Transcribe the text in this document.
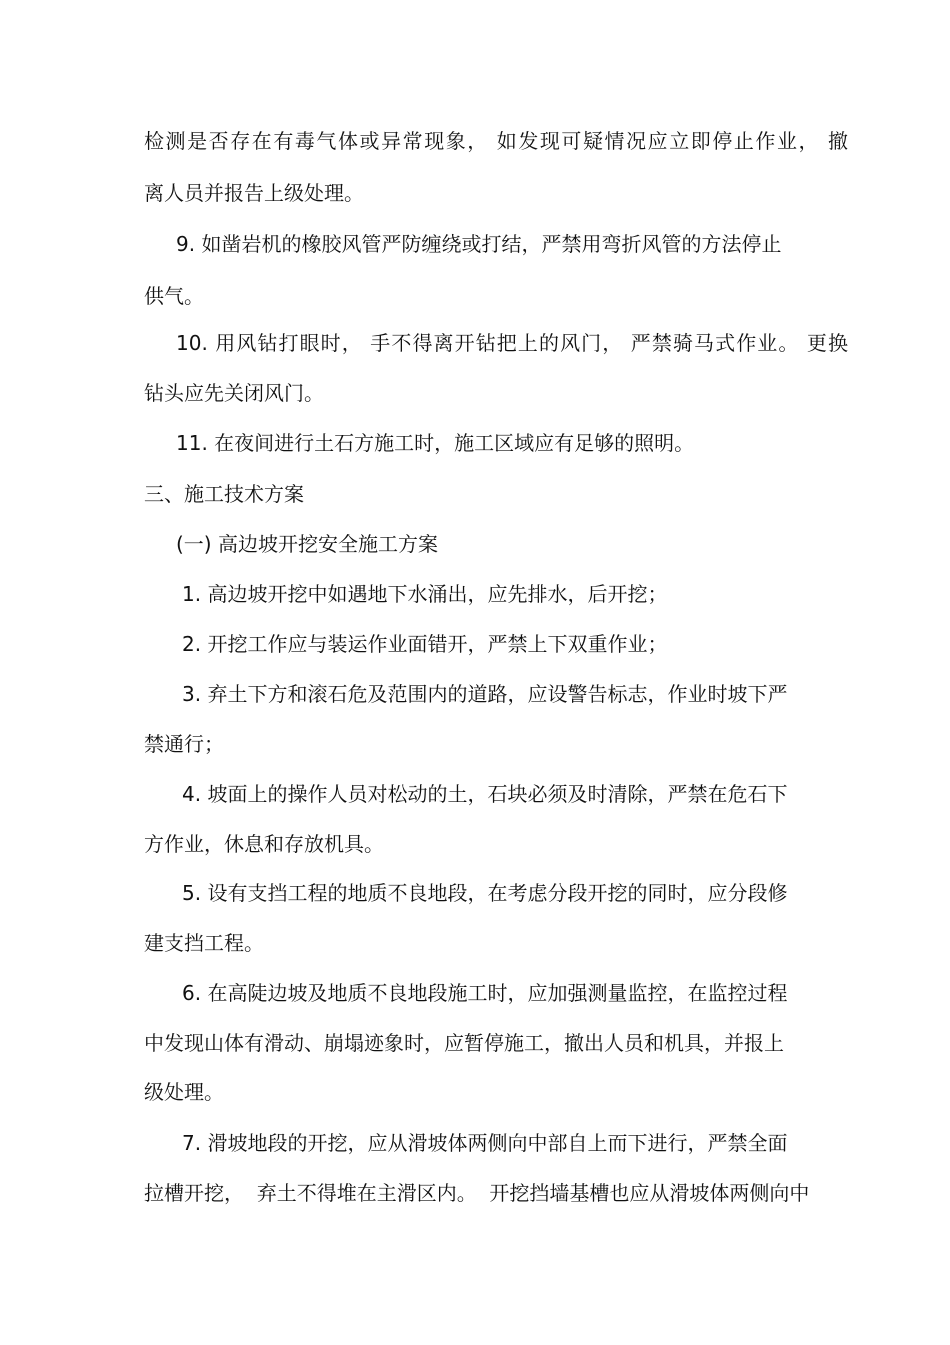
检测是否存在有毒气体或异常现象， 如发现可疑情况应立即停止作业， 撤
离人员并报告上级处理。
9. 如凿岩机的橡胶风管严防缠绕或打结，严禁用弯折风管的方法停止
供气。
10. 用风钻打眼时， 手不得离开钻把上的风门， 严禁骑马式作业。 更换
钻头应先关闭风门。
11. 在夜间进行土石方施工时，施工区域应有足够的照明。
三、施工技术方案
(一) 高边坡开挖安全施工方案
1. 高边坡开挖中如遇地下水涌出，应先排水，后开挖；
2. 开挖工作应与装运作业面错开，严禁上下双重作业；
3. 弃土下方和滚石危及范围内的道路，应设警告标志，作业时坡下严
禁通行；
4. 坡面上的操作人员对松动的土，石块必须及时清除，严禁在危石下
方作业，休息和存放机具。
5. 设有支挡工程的地质不良地段，在考虑分段开挖的同时，应分段修
建支挡工程。
6. 在高陡边坡及地质不良地段施工时，应加强测量监控，在监控过程
中发现山体有滑动、崩塌迹象时，应暂停施工，撤出人员和机具，并报上
级处理。
7. 滑坡地段的开挖，应从滑坡体两侧向中部自上而下进行，严禁全面
拉槽开挖，  弃土不得堆在主滑区内。  开挖挡墙基槽也应从滑坡体两侧向中
